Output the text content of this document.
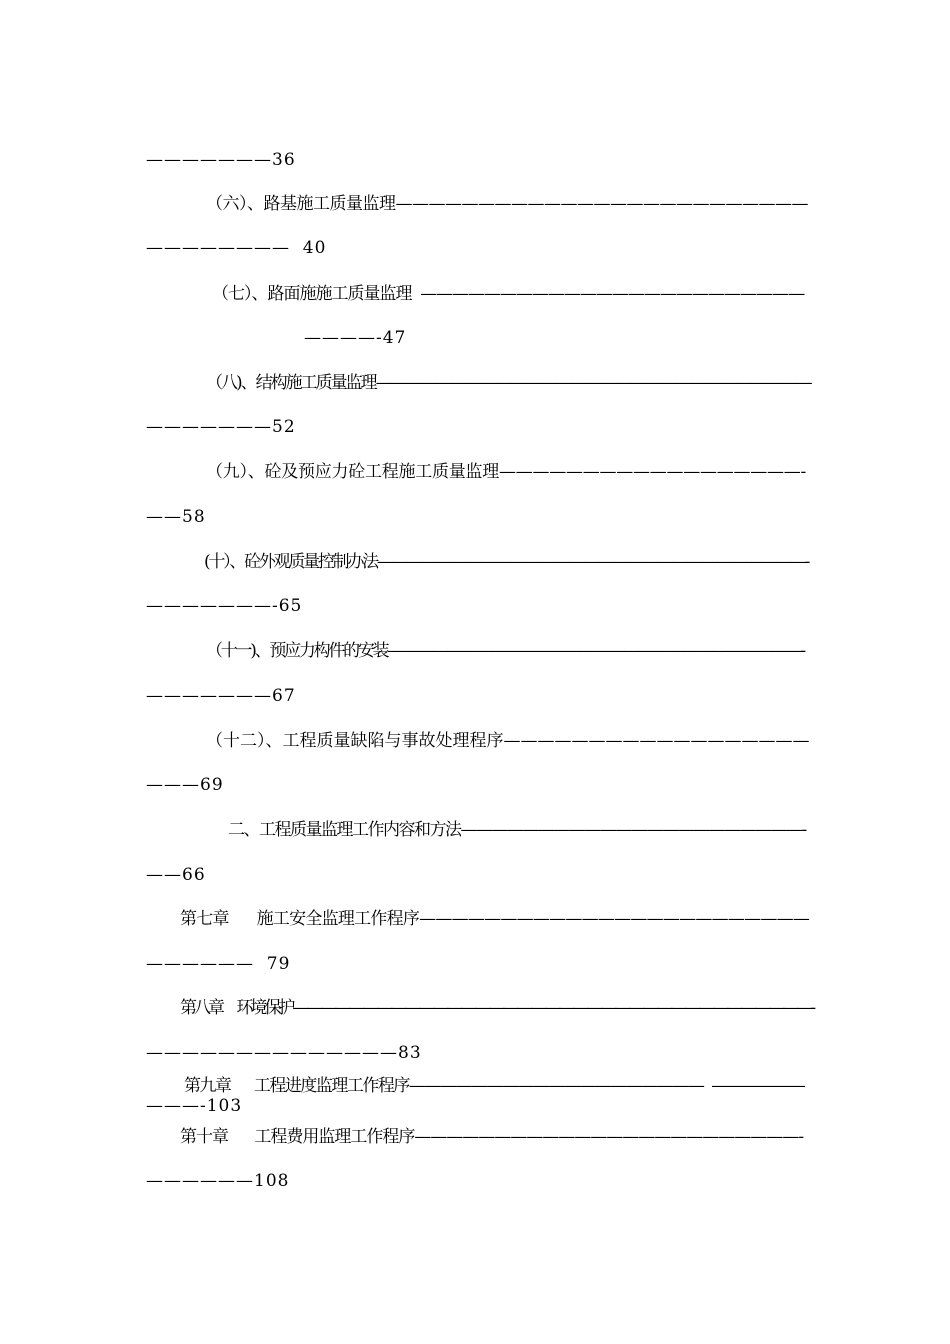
———————36
（六）、路基施工质量监理—————————————————————————
————————  40
（七）、路面施施工质量监理  ————————————————————————
————-47
（八)、结构施工质量监理—————————————————————————————
———————52
（九）、砼及预应力砼工程施工质量监理——————————————————-
——58
(十）、砼外观质量控制办法—————————————————————————————-
———————-65
（十一)、预应力构件的安装————————————————————————————-
———————67
（十二）、工程质量缺陷与事故处理程序——————————————————
———69
二、工程质量监理工作内容和方法——————————————————————-
——66
第七章      施工安全监理工作程序————————————————————————
——————  79
第八章      环境保护—————————————————————————————————————-
——————————————83
第九章      工程进度监理工作程序———————————————————  ——————
———-103
第十章      工程费用监理工作程序————————————————————————-
——————108
